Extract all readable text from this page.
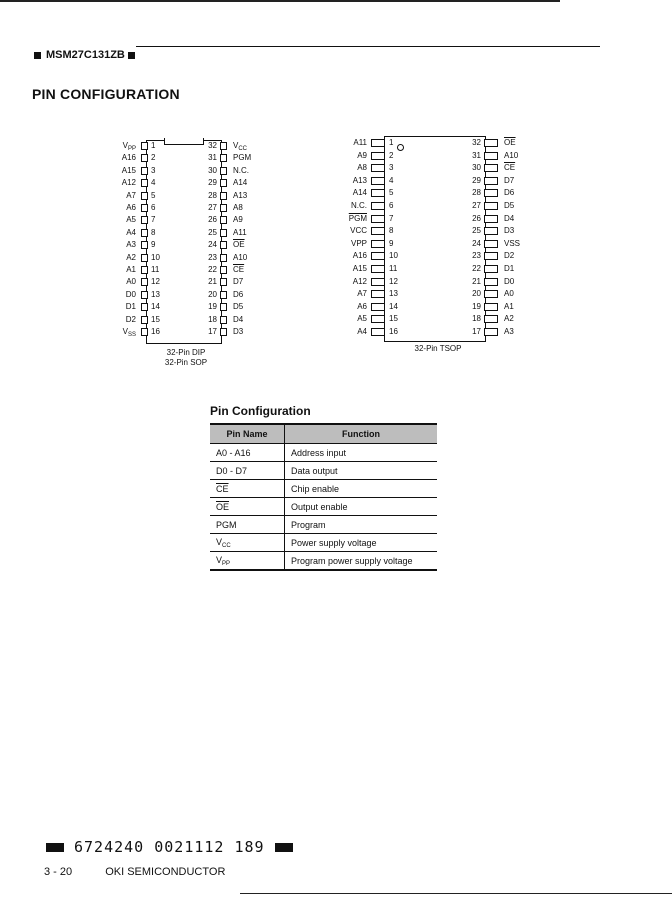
MSM27C131ZB
PIN CONFIGURATION
1
$V_{PP}$
2
A16
3
A15
4
A12
5
A7
6
A6
7
A5
8
A4
9
A3
10
A2
11
A1
12
A0
13
D0
14
D1
15
D2
16
$V_{SS}$
32 $V_{CC}$
31 PGM
30 N.C.
29 A14
28 A13
27 A8
26 A9
25 A11
24 $\overline{OE}$
23 A10
22 $\overline{CE}$
21 D7
20 D6
19 D5
18 D4
17 D3
32-Pin DIP
32-Pin SOP
1
A11
2
A9
3
A8
4
A13
5
A14
6
N.C.
7
$\overline{PGM}$
8
VCC
9
VPP
10
A16
11
A15
12
A12
13
A7
14
A6
15
A5
16
A4
32	$\overline{OE}$
31	A10
30	$\overline{CE}$
29	D7
28	D6
27	D5
26	D4
25	D3
24	VSS
23	D2
22	D1
21	D0
20	A0
19	A1
18	A2
17	A3
32-Pin TSOP
Pin Configuration
Pin Name	Function
A0 - A16	Address input
D0 - D7	Data output
$\overline{CE}$	Chip enable
$\overline{OE}$	Output enable
PGM	Program
$V_{CC}$	Power supply voltage
$V_{PP}$	Program power supply voltage
6724240 0021112 189
3 - 20	OKI SEMICONDUCTOR
